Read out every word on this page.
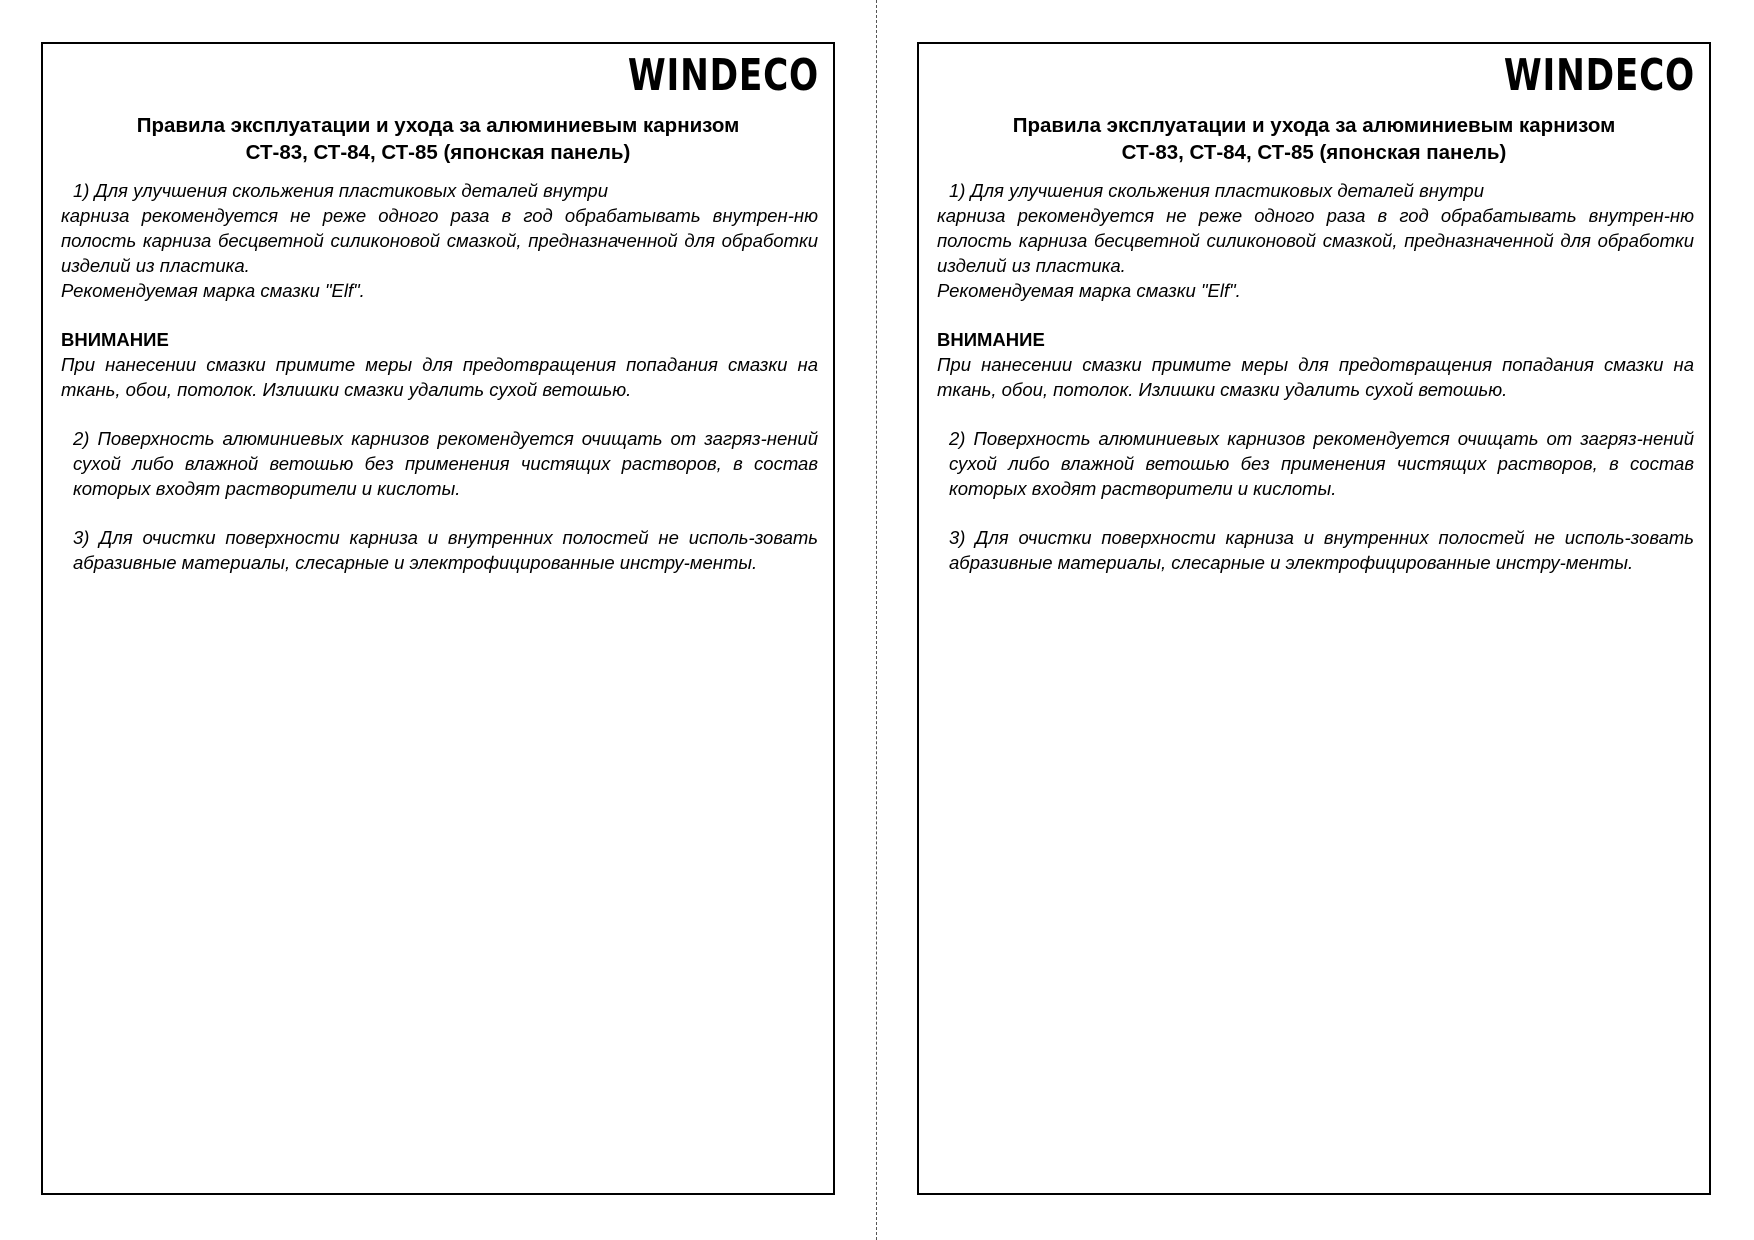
WINDECO
Правила эксплуатации и ухода за алюминиевым карнизом
СТ-83, СТ-84, СТ-85 (японская панель)

1) Для улучшения скольжения пластиковых деталей внутри

карниза рекомендуется не реже одного раза в год обрабатывать внутрен-ню полость карниза бесцветной силиконовой смазкой, предназначенной для обработки изделий из пластика.

Рекомендуемая марка смазки "Elf".

ВНИМАНИЕ

При нанесении смазки примите меры для предотвращения попадания смазки на ткань, обои, потолок. Излишки смазки удалить сухой ветошью.

2) Поверхность алюминиевых карнизов рекомендуется очищать от загряз-нений сухой либо влажной ветошью без применения чистящих растворов, в состав которых входят растворители и кислоты.

3) Для очистки поверхности карниза и внутренних полостей не исполь-зовать абразивные материалы, слесарные и электрофицированные инстру-менты.

WINDECO
Правила эксплуатации и ухода за алюминиевым карнизом
СТ-83, СТ-84, СТ-85 (японская панель)

1) Для улучшения скольжения пластиковых деталей внутри

карниза рекомендуется не реже одного раза в год обрабатывать внутрен-ню полость карниза бесцветной силиконовой смазкой, предназначенной для обработки изделий из пластика.

Рекомендуемая марка смазки "Elf".

ВНИМАНИЕ

При нанесении смазки примите меры для предотвращения попадания смазки на ткань, обои, потолок. Излишки смазки удалить сухой ветошью.

2) Поверхность алюминиевых карнизов рекомендуется очищать от загряз-нений сухой либо влажной ветошью без применения чистящих растворов, в состав которых входят растворители и кислоты.

3) Для очистки поверхности карниза и внутренних полостей не исполь-зовать абразивные материалы, слесарные и электрофицированные инстру-менты.
